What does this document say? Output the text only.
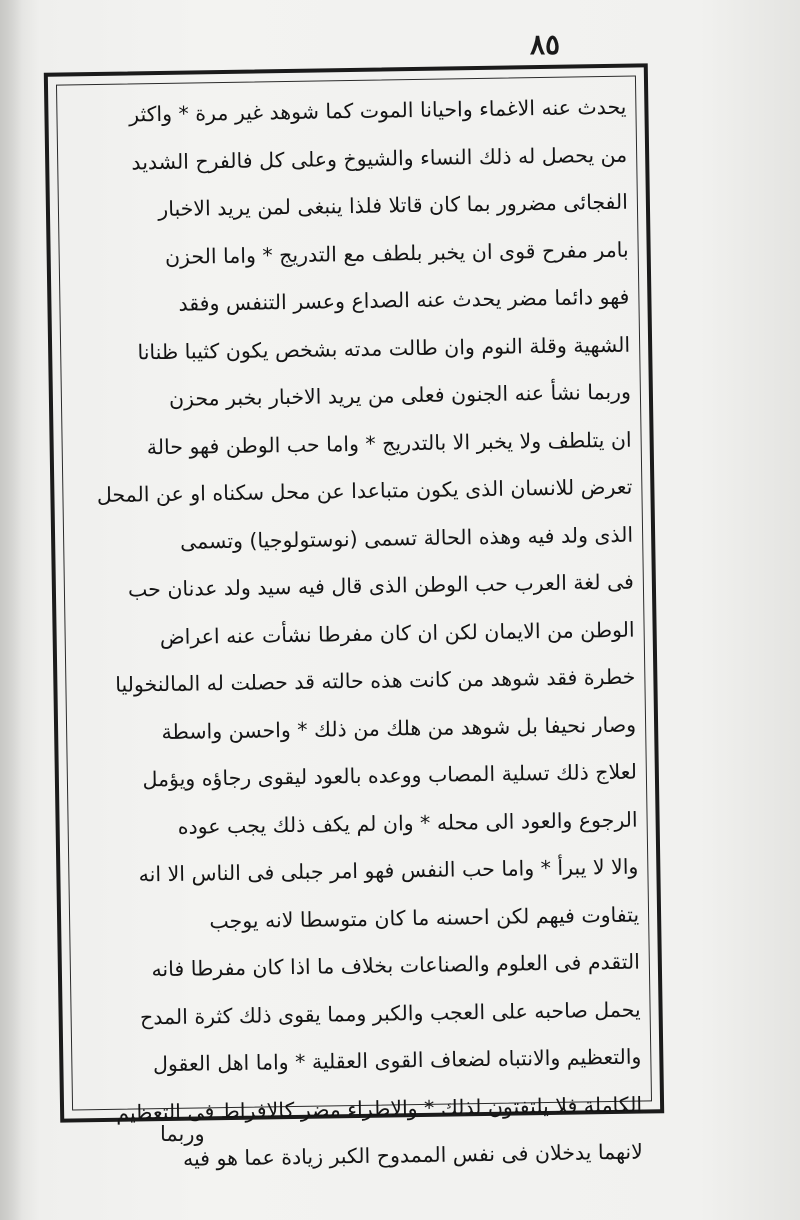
٨٥
يحدث عنه الاغماء واحيانا الموت كما شوهد غير مرة * واكثر
من يحصل له ذلك النساء والشيوخ وعلى كل فالفرح الشديد
الفجائى مضرور بما كان قاتلا فلذا ينبغى لمن يريد الاخبار
بامر مفرح قوى ان يخبر بلطف مع التدريج * واما الحزن
فهو دائما مضر يحدث عنه الصداع وعسر التنفس وفقد
الشهية وقلة النوم وان طالت مدته بشخص يكون كثيبا ظنانا
وربما نشأ عنه الجنون فعلى من يريد الاخبار بخبر محزن
ان يتلطف ولا يخبر الا بالتدريج * واما حب الوطن فهو حالة
تعرض للانسان الذى يكون متباعدا عن محل سكناه او عن المحل
الذى ولد فيه وهذه الحالة تسمى (نوستولوجيا) وتسمى
فى لغة العرب حب الوطن الذى قال فيه سيد ولد عدنان حب
الوطن من الايمان لكن ان كان مفرطا نشأت عنه اعراض
خطرة فقد شوهد من كانت هذه حالته قد حصلت له المالنخوليا
وصار نحيفا بل شوهد من هلك من ذلك * واحسن واسطة
لعلاج ذلك تسلية المصاب ووعده بالعود ليقوى رجاؤه ويؤمل
الرجوع والعود الى محله * وان لم يكف ذلك يجب عوده
والا لا يبرأ * واما حب النفس فهو امر جبلى فى الناس الا انه
يتفاوت فيهم لكن احسنه ما كان متوسطا لانه يوجب
التقدم فى العلوم والصناعات بخلاف ما اذا كان مفرطا فانه
يحمل صاحبه على العجب والكبر ومما يقوى ذلك كثرة المدح
والتعظيم والانتباه لضعاف القوى العقلية * واما اهل العقول
الكاملة فلا يلتفتون لذلك * والاطراء مضر كالافراط فى التعظيم
لانهما يدخلان فى نفس الممدوح الكبر زيادة عما هو فيه
وربما
